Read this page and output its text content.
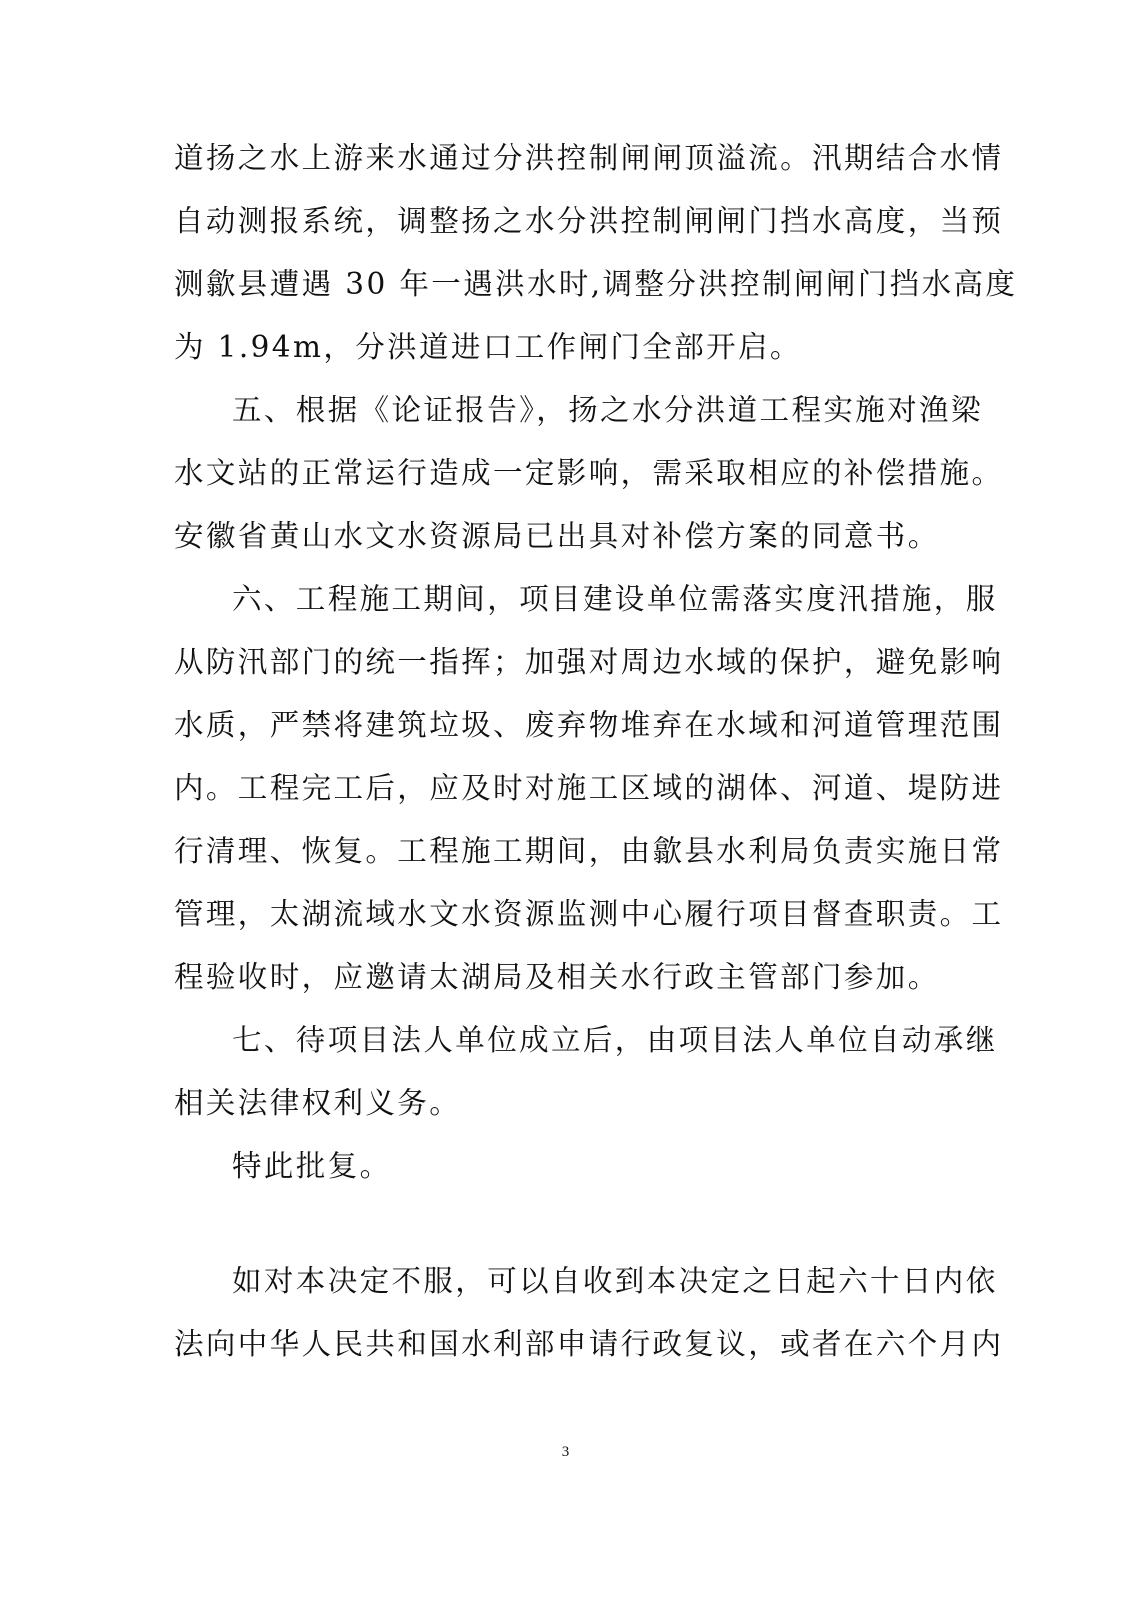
道扬之水上游来水通过分洪控制闸闸顶溢流。汛期结合水情
自动测报系统，调整扬之水分洪控制闸闸门挡水高度，当预
测歙县遭遇 30 年一遇洪水时,调整分洪控制闸闸门挡水高度
为 1.94m，分洪道进口工作闸门全部开启。
五、根据《论证报告》，扬之水分洪道工程实施对渔梁
水文站的正常运行造成一定影响，需采取相应的补偿措施。
安徽省黄山水文水资源局已出具对补偿方案的同意书。
六、工程施工期间，项目建设单位需落实度汛措施，服
从防汛部门的统一指挥；加强对周边水域的保护，避免影响
水质，严禁将建筑垃圾、废弃物堆弃在水域和河道管理范围
内。工程完工后，应及时对施工区域的湖体、河道、堤防进
行清理、恢复。工程施工期间，由歙县水利局负责实施日常
管理，太湖流域水文水资源监测中心履行项目督查职责。工
程验收时，应邀请太湖局及相关水行政主管部门参加。
七、待项目法人单位成立后，由项目法人单位自动承继
相关法律权利义务。
特此批复。
如对本决定不服，可以自收到本决定之日起六十日内依
法向中华人民共和国水利部申请行政复议，或者在六个月内
3
